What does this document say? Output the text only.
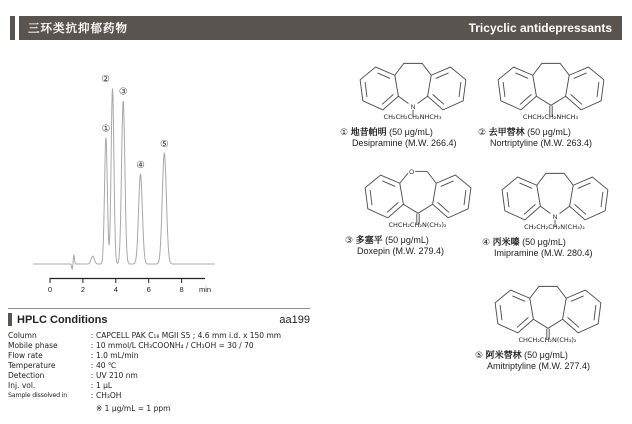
三环类抗抑郁药物	Tricyclic antidepressants
0	2	4	6	8 min
①
②
③
④
⑤
HPLC Conditions	aa199
Column	: CAPCELL PAK C₁₈ MGII S5 ; 4.6 mm i.d. x 150 mm
Mobile phase	: 10 mmol/L CH₃COONH₄ / CH₃OH = 30 / 70
Flow rate	: 1.0 mL/min
Temperature	: 40 ℃
Detection	: UV 210 nm
Inj. vol.	: 1 μL
Sample dissolved in	: CH₃OH
※ 1 μg/mL = 1 ppm
N
CH₂CH₂CH₂NHCH₃
① 地昔帕明 (50 μg/mL)
Desipramine (M.W. 266.4)
CHCH₂CH₂NHCH₃
② 去甲替林 (50 μg/mL)
Nortriptyline (M.W. 263.4)
O
CHCH₂CH₂N(CH₃)₂
③ 多塞平 (50 μg/mL)
Doxepin (M.W. 279.4)
N
CH₂CH₂CH₂N(CH₃)₂
④ 丙米嗪 (50 μg/mL)
Imipramine (M.W. 280.4)
CHCH₂CH₂N(CH₃)₂
⑤ 阿米替林 (50 μg/mL)
Amitriptyline (M.W. 277.4)
